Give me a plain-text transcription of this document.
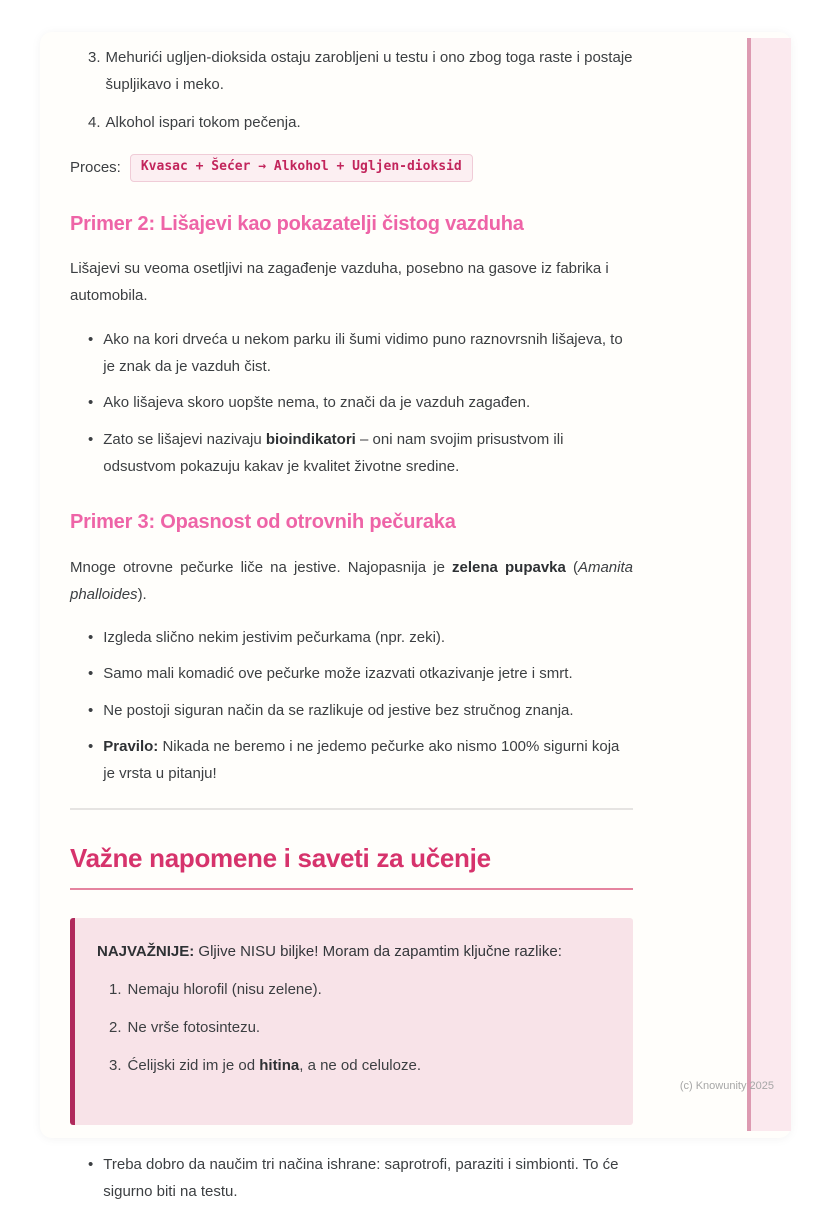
3. Mehurići ugljen-dioksida ostaju zarobljeni u testu i ono zbog toga raste i postaje šupljikavo i meko.
4. Alkohol ispari tokom pečenja.
Proces:	Kvasac + Šećer → Alkohol + Ugljen-dioksid
Primer 2: Lišajevi kao pokazatelji čistog vazduha

Lišajevi su veoma osetljivi na zagađenje vazduha, posebno na gasove iz fabrika i automobila.

• Ako na kori drveća u nekom parku ili šumi vidimo puno raznovrsnih lišajeva, to je znak da je vazduh čist.
• Ako lišajeva skoro uopšte nema, to znači da je vazduh zagađen.
• Zato se lišajevi nazivaju bioindikatori – oni nam svojim prisustvom ili odsustvom pokazuju kakav je kvalitet životne sredine.
Primer 3: Opasnost od otrovnih pečuraka

Mnoge otrovne pečurke liče na jestive. Najopasnija je zelena pupavka (Amanita phalloides).

• Izgleda slično nekim jestivim pečurkama (npr. zeki).
• Samo mali komadić ove pečurke može izazvati otkazivanje jetre i smrt.
• Ne postoji siguran način da se razlikuje od jestive bez stručnog znanja.
• Pravilo: Nikada ne beremo i ne jedemo pečurke ako nismo 100% sigurni koja je vrsta u pitanju!
Važne napomene i saveti za učenje
NAJVAŽNIJE: Gljive NISU biljke! Moram da zapamtim ključne razlike:
1. Nemaju hlorofil (nisu zelene).
2. Ne vrše fotosintezu.
3. Ćelijski zid im je od hitina, a ne od celuloze.
• Treba dobro da naučim tri načina ishrane: saprotrofi, paraziti i simbionti. To će sigurno biti na testu.
(c) Knowunity 2025
